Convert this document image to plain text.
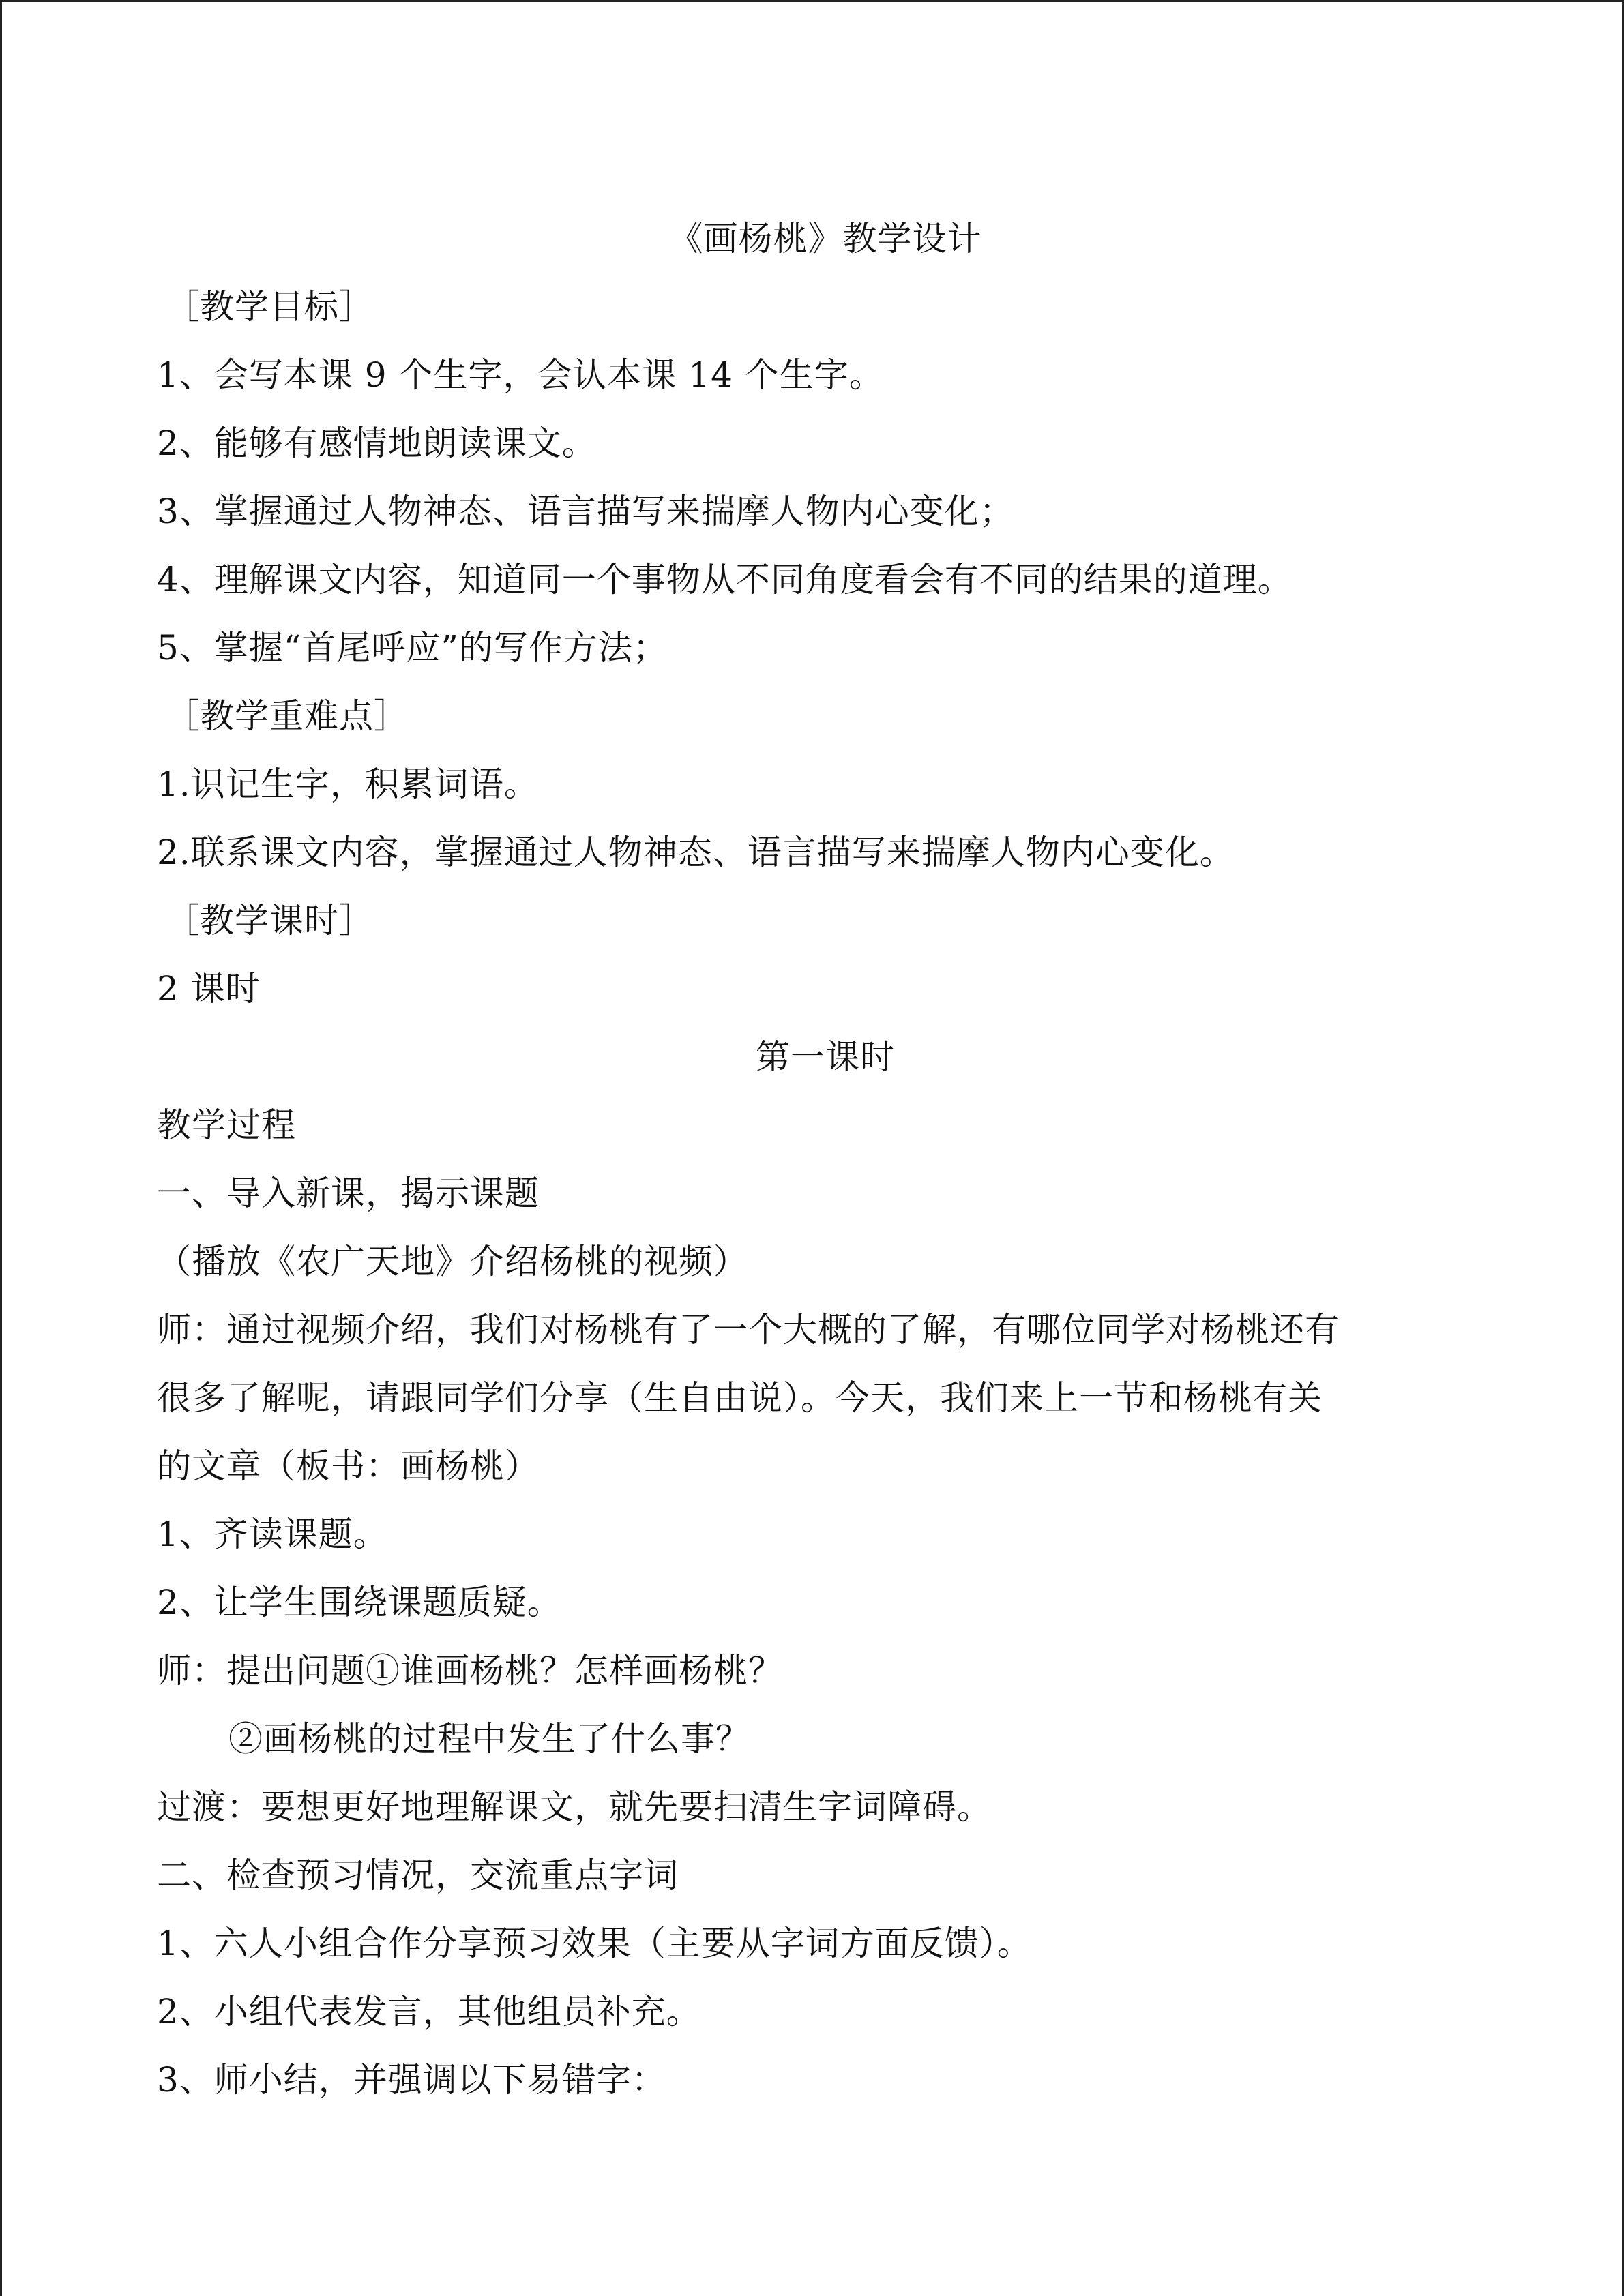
《画杨桃》教学设计
［教学目标］
1、会写本课 9 个生字，会认本课 14 个生字。
2、能够有感情地朗读课文。
3、掌握通过人物神态、语言描写来揣摩人物内心变化；
4、理解课文内容，知道同一个事物从不同角度看会有不同的结果的道理。
5、掌握“首尾呼应”的写作方法；
［教学重难点］
1.识记生字，积累词语。
2.联系课文内容，掌握通过人物神态、语言描写来揣摩人物内心变化。
［教学课时］
2 课时
第一课时
教学过程
一、导入新课，揭示课题
（播放《农广天地》介绍杨桃的视频）
师：通过视频介绍，我们对杨桃有了一个大概的了解，有哪位同学对杨桃还有
很多了解呢，请跟同学们分享（生自由说）。今天，我们来上一节和杨桃有关
的文章（板书：画杨桃）
1、齐读课题。
2、让学生围绕课题质疑。
师：提出问题①谁画杨桃？怎样画杨桃？
②画杨桃的过程中发生了什么事？
过渡：要想更好地理解课文，就先要扫清生字词障碍。
二、检查预习情况，交流重点字词
1、六人小组合作分享预习效果（主要从字词方面反馈）。
2、小组代表发言，其他组员补充。
3、师小结，并强调以下易错字：
